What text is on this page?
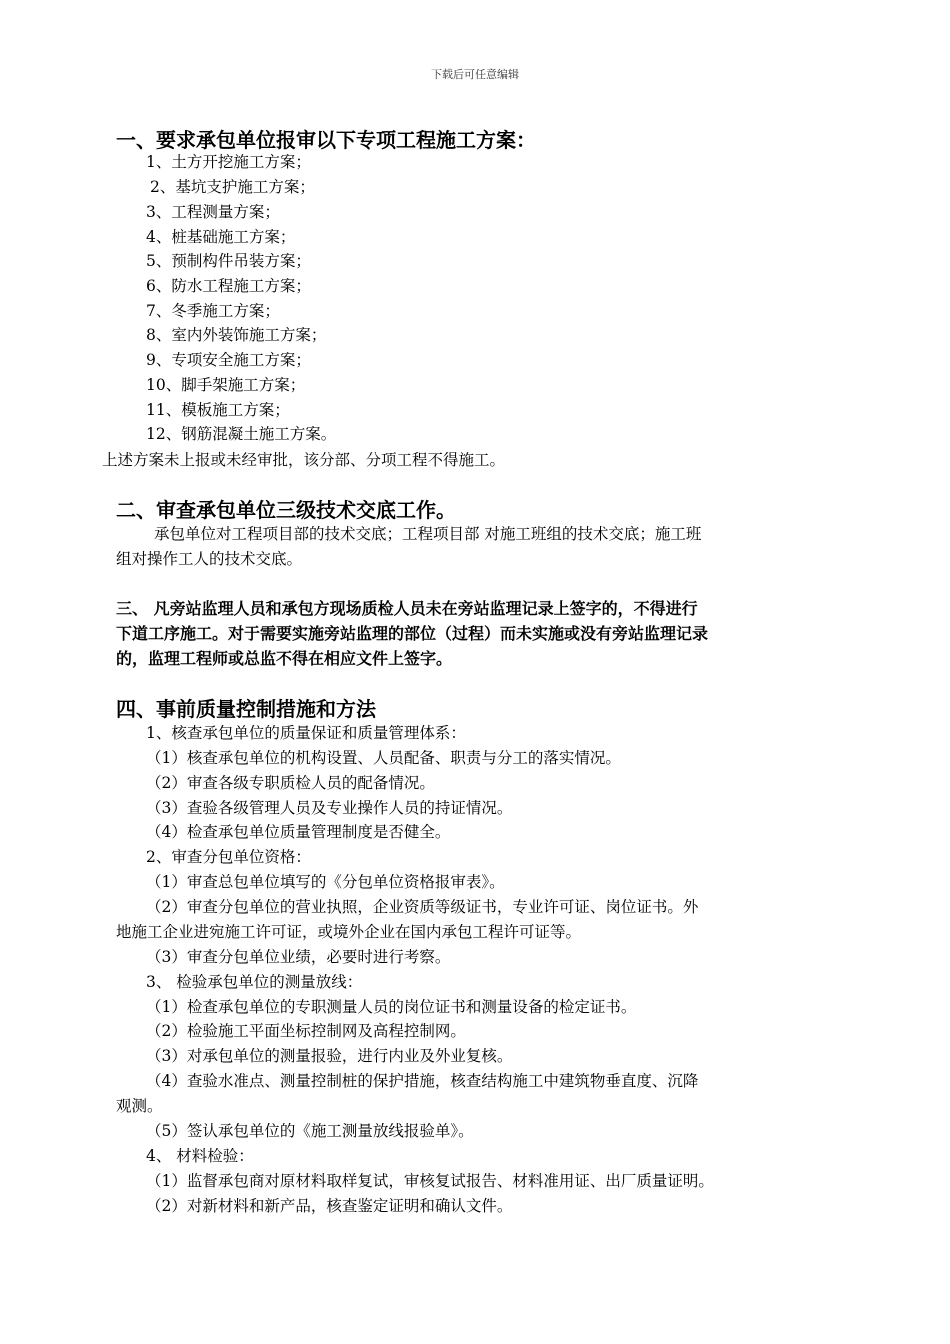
下载后可任意编辑
一、要求承包单位报审以下专项工程施工方案：
1、土方开挖施工方案；
2、基坑支护施工方案；
3、工程测量方案；
4、桩基础施工方案；
5、预制构件吊装方案；
6、防水工程施工方案；
7、冬季施工方案；
8、室内外装饰施工方案；
9、专项安全施工方案；
10、脚手架施工方案；
11、模板施工方案；
12、钢筋混凝土施工方案。
上述方案未上报或未经审批，该分部、分项工程不得施工。
二、审查承包单位三级技术交底工作。
承包单位对工程项目部的技术交底；工程项目部 对施工班组的技术交底；施工班
组对操作工人的技术交底。
三、 凡旁站监理人员和承包方现场质检人员未在旁站监理记录上签字的，不得进行
下道工序施工。对于需要实施旁站监理的部位（过程）而未实施或没有旁站监理记录
的，监理工程师或总监不得在相应文件上签字。
四、事前质量控制措施和方法
1、核查承包单位的质量保证和质量管理体系：
（1）核查承包单位的机构设置、人员配备、职责与分工的落实情况。
（2）审查各级专职质检人员的配备情况。
（3）查验各级管理人员及专业操作人员的持证情况。
（4）检查承包单位质量管理制度是否健全。
2、审查分包单位资格：
（1）审查总包单位填写的《分包单位资格报审表》。
（2）审查分包单位的营业执照，企业资质等级证书，专业许可证、岗位证书。外
地施工企业进宛施工许可证，或境外企业在国内承包工程许可证等。
（3）审查分包单位业绩，必要时进行考察。
3、 检验承包单位的测量放线：
（1）检查承包单位的专职测量人员的岗位证书和测量设备的检定证书。
（2）检验施工平面坐标控制网及高程控制网。
（3）对承包单位的测量报验，进行内业及外业复核。
（4）查验水准点、测量控制桩的保护措施，核查结构施工中建筑物垂直度、沉降
观测。
（5）签认承包单位的《施工测量放线报验单》。
4、 材料检验：
（1）监督承包商对原材料取样复试，审核复试报告、材料准用证、出厂质量证明。
（2）对新材料和新产品，核查鉴定证明和确认文件。
